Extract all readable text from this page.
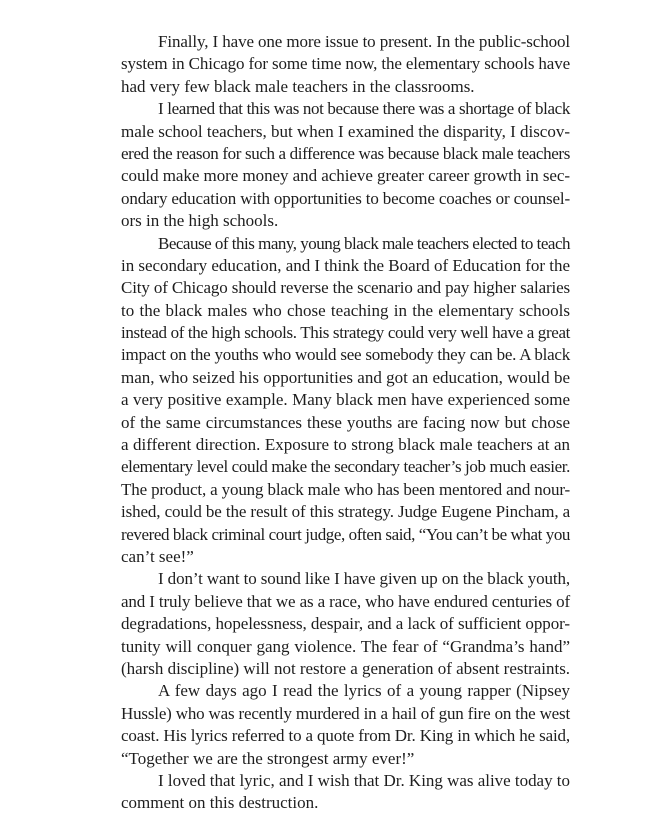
Finally, I have one more issue to present. In the public-school
system in Chicago for some time now, the elementary schools have
had very few black male teachers in the classrooms.
I learned that this was not because there was a shortage of black
male school teachers, but when I examined the disparity, I discov-
ered the reason for such a difference was because black male teachers
could make more money and achieve greater career growth in sec-
ondary education with opportunities to become coaches or counsel-
ors in the high schools.
Because of this many, young black male teachers elected to teach
in secondary education, and I think the Board of Education for the
City of Chicago should reverse the scenario and pay higher salaries
to the black males who chose teaching in the elementary schools
instead of the high schools. This strategy could very well have a great
impact on the youths who would see somebody they can be. A black
man, who seized his opportunities and got an education, would be
a very positive example. Many black men have experienced some
of the same circumstances these youths are facing now but chose
a different direction. Exposure to strong black male teachers at an
elementary level could make the secondary teacher’s job much easier.
The product, a young black male who has been mentored and nour-
ished, could be the result of this strategy. Judge Eugene Pincham, a
revered black criminal court judge, often said, “You can’t be what you
can’t see!”
I don’t want to sound like I have given up on the black youth,
and I truly believe that we as a race, who have endured centuries of
degradations, hopelessness, despair, and a lack of sufficient oppor-
tunity will conquer gang violence. The fear of “Grandma’s hand”
(harsh discipline) will not restore a generation of absent restraints.
A few days ago I read the lyrics of a young rapper (Nipsey
Hussle) who was recently murdered in a hail of gun fire on the west
coast. His lyrics referred to a quote from Dr. King in which he said,
“Together we are the strongest army ever!”
I loved that lyric, and I wish that Dr. King was alive today to
comment on this destruction.
